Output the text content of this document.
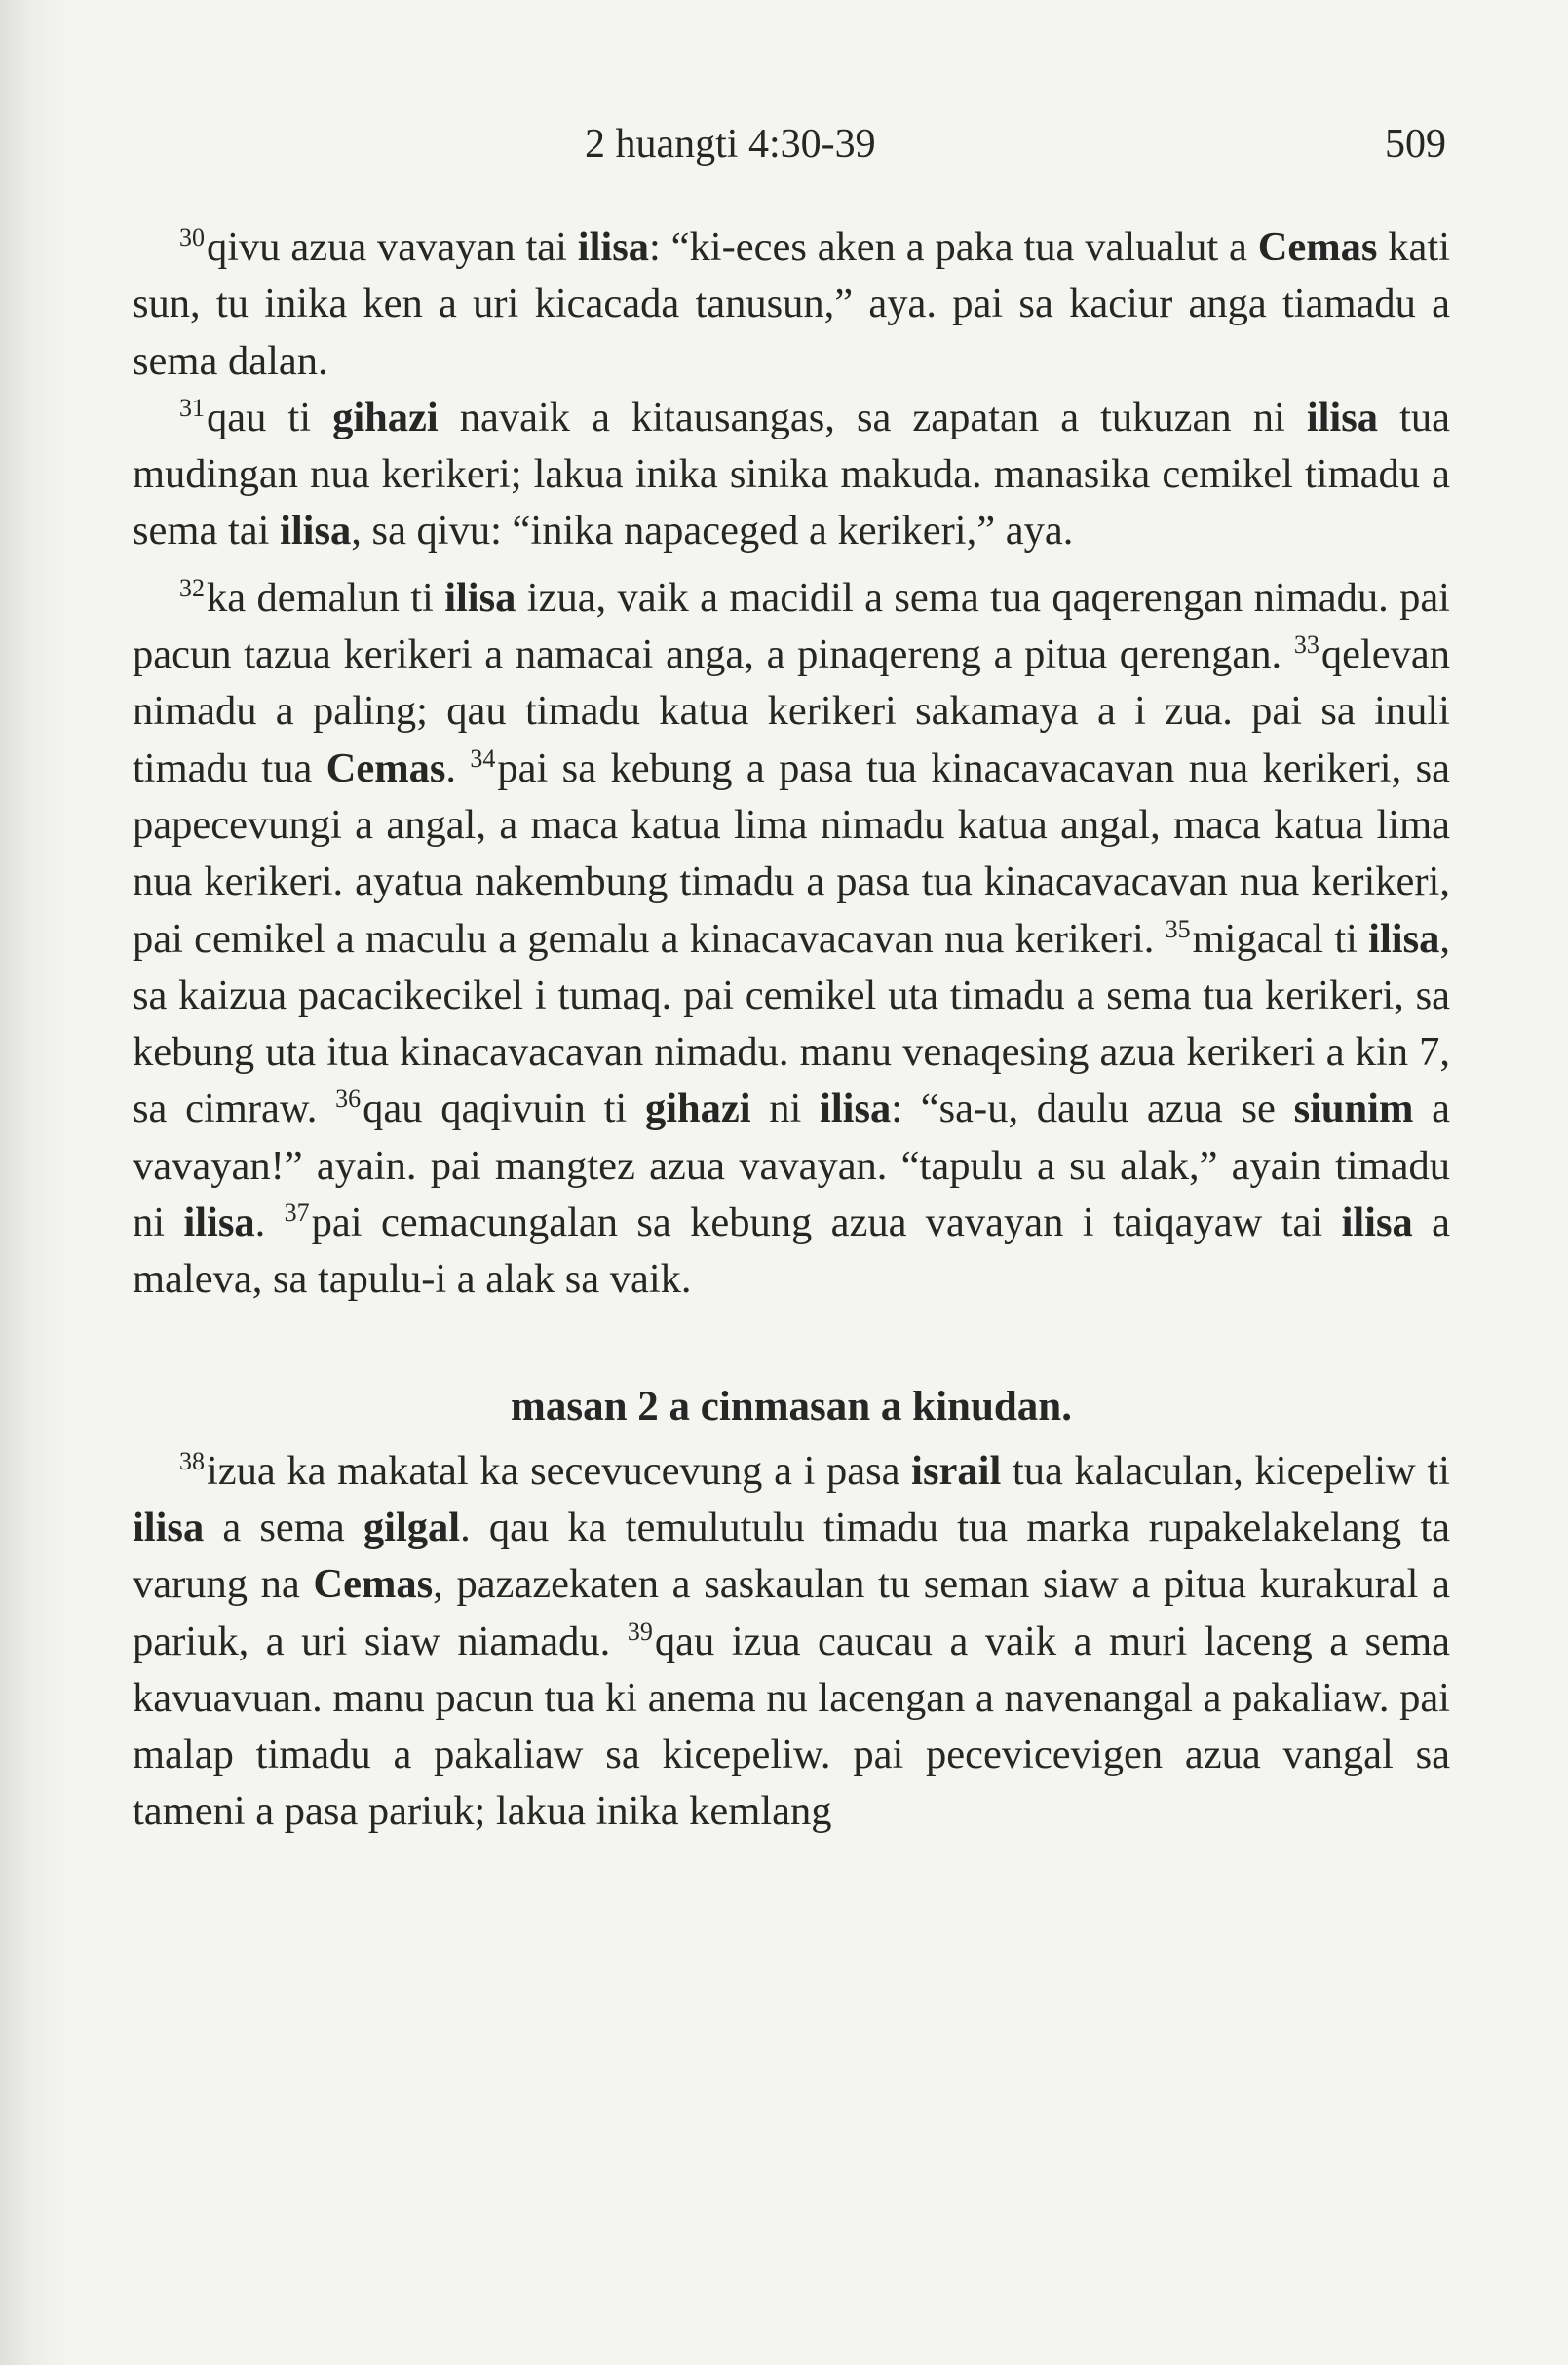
2 huangti 4:30-39	509

$^{30}$qivu azua vavayan tai ilisa: “ki-eces aken a paka tua valualut a Cemas kati sun, tu inika ken a uri kicacada tanusun,” aya. pai sa kaciur anga tiamadu a sema dalan.

$^{31}$qau ti gihazi navaik a kitausangas, sa zapatan a tukuzan ni ilisa tua mudingan nua kerikeri; lakua inika sinika makuda. manasika cemikel timadu a sema tai ilisa, sa qivu: “inika napaceged a kerikeri,” aya.

$^{32}$ka demalun ti ilisa izua, vaik a macidil a sema tua qaqerengan nimadu. pai pacun tazua kerikeri a namacai anga, a pinaqereng a pitua qerengan. $^{33}$qelevan nimadu a paling; qau timadu katua kerikeri sakamaya a i zua. pai sa inuli timadu tua Cemas. $^{34}$pai sa kebung a pasa tua kinacavacavan nua kerikeri, sa papecevungi a angal, a maca katua lima nimadu katua angal, maca katua lima nua kerikeri. ayatua nakembung timadu a pasa tua kinacavacavan nua kerikeri, pai cemikel a maculu a gemalu a kinacavacavan nua kerikeri. $^{35}$migacal ti ilisa, sa kaizua pacacikecikel i tumaq. pai cemikel uta timadu a sema tua kerikeri, sa kebung uta itua kinacavacavan nimadu. manu venaqesing azua kerikeri a kin 7, sa cimraw. $^{36}$qau qaqivuin ti gihazi ni ilisa: “sa-u, daulu azua se siunim a vavayan!” ayain. pai mangtez azua vavayan. “tapulu a su alak,” ayain timadu ni ilisa. $^{37}$pai cemacungalan sa kebung azua vavayan i taiqayaw tai ilisa a maleva, sa tapulu-i a alak sa vaik.

masan 2 a cinmasan a kinudan.

$^{38}$izua ka makatal ka secevucevung a i pasa israil tua kalaculan, kicepeliw ti ilisa a sema gilgal. qau ka temulutulu timadu tua marka rupakelakelang ta varung na Cemas, pazazekaten a saskaulan tu seman siaw a pitua kurakural a pariuk, a uri siaw niamadu. $^{39}$qau izua caucau a vaik a muri laceng a sema kavuavuan. manu pacun tua ki anema nu lacengan a navenangal a pakaliaw. pai malap timadu a pakaliaw sa kicepeliw. pai pecevicevigen azua vangal sa tameni a pasa pariuk; lakua inika kemlang
